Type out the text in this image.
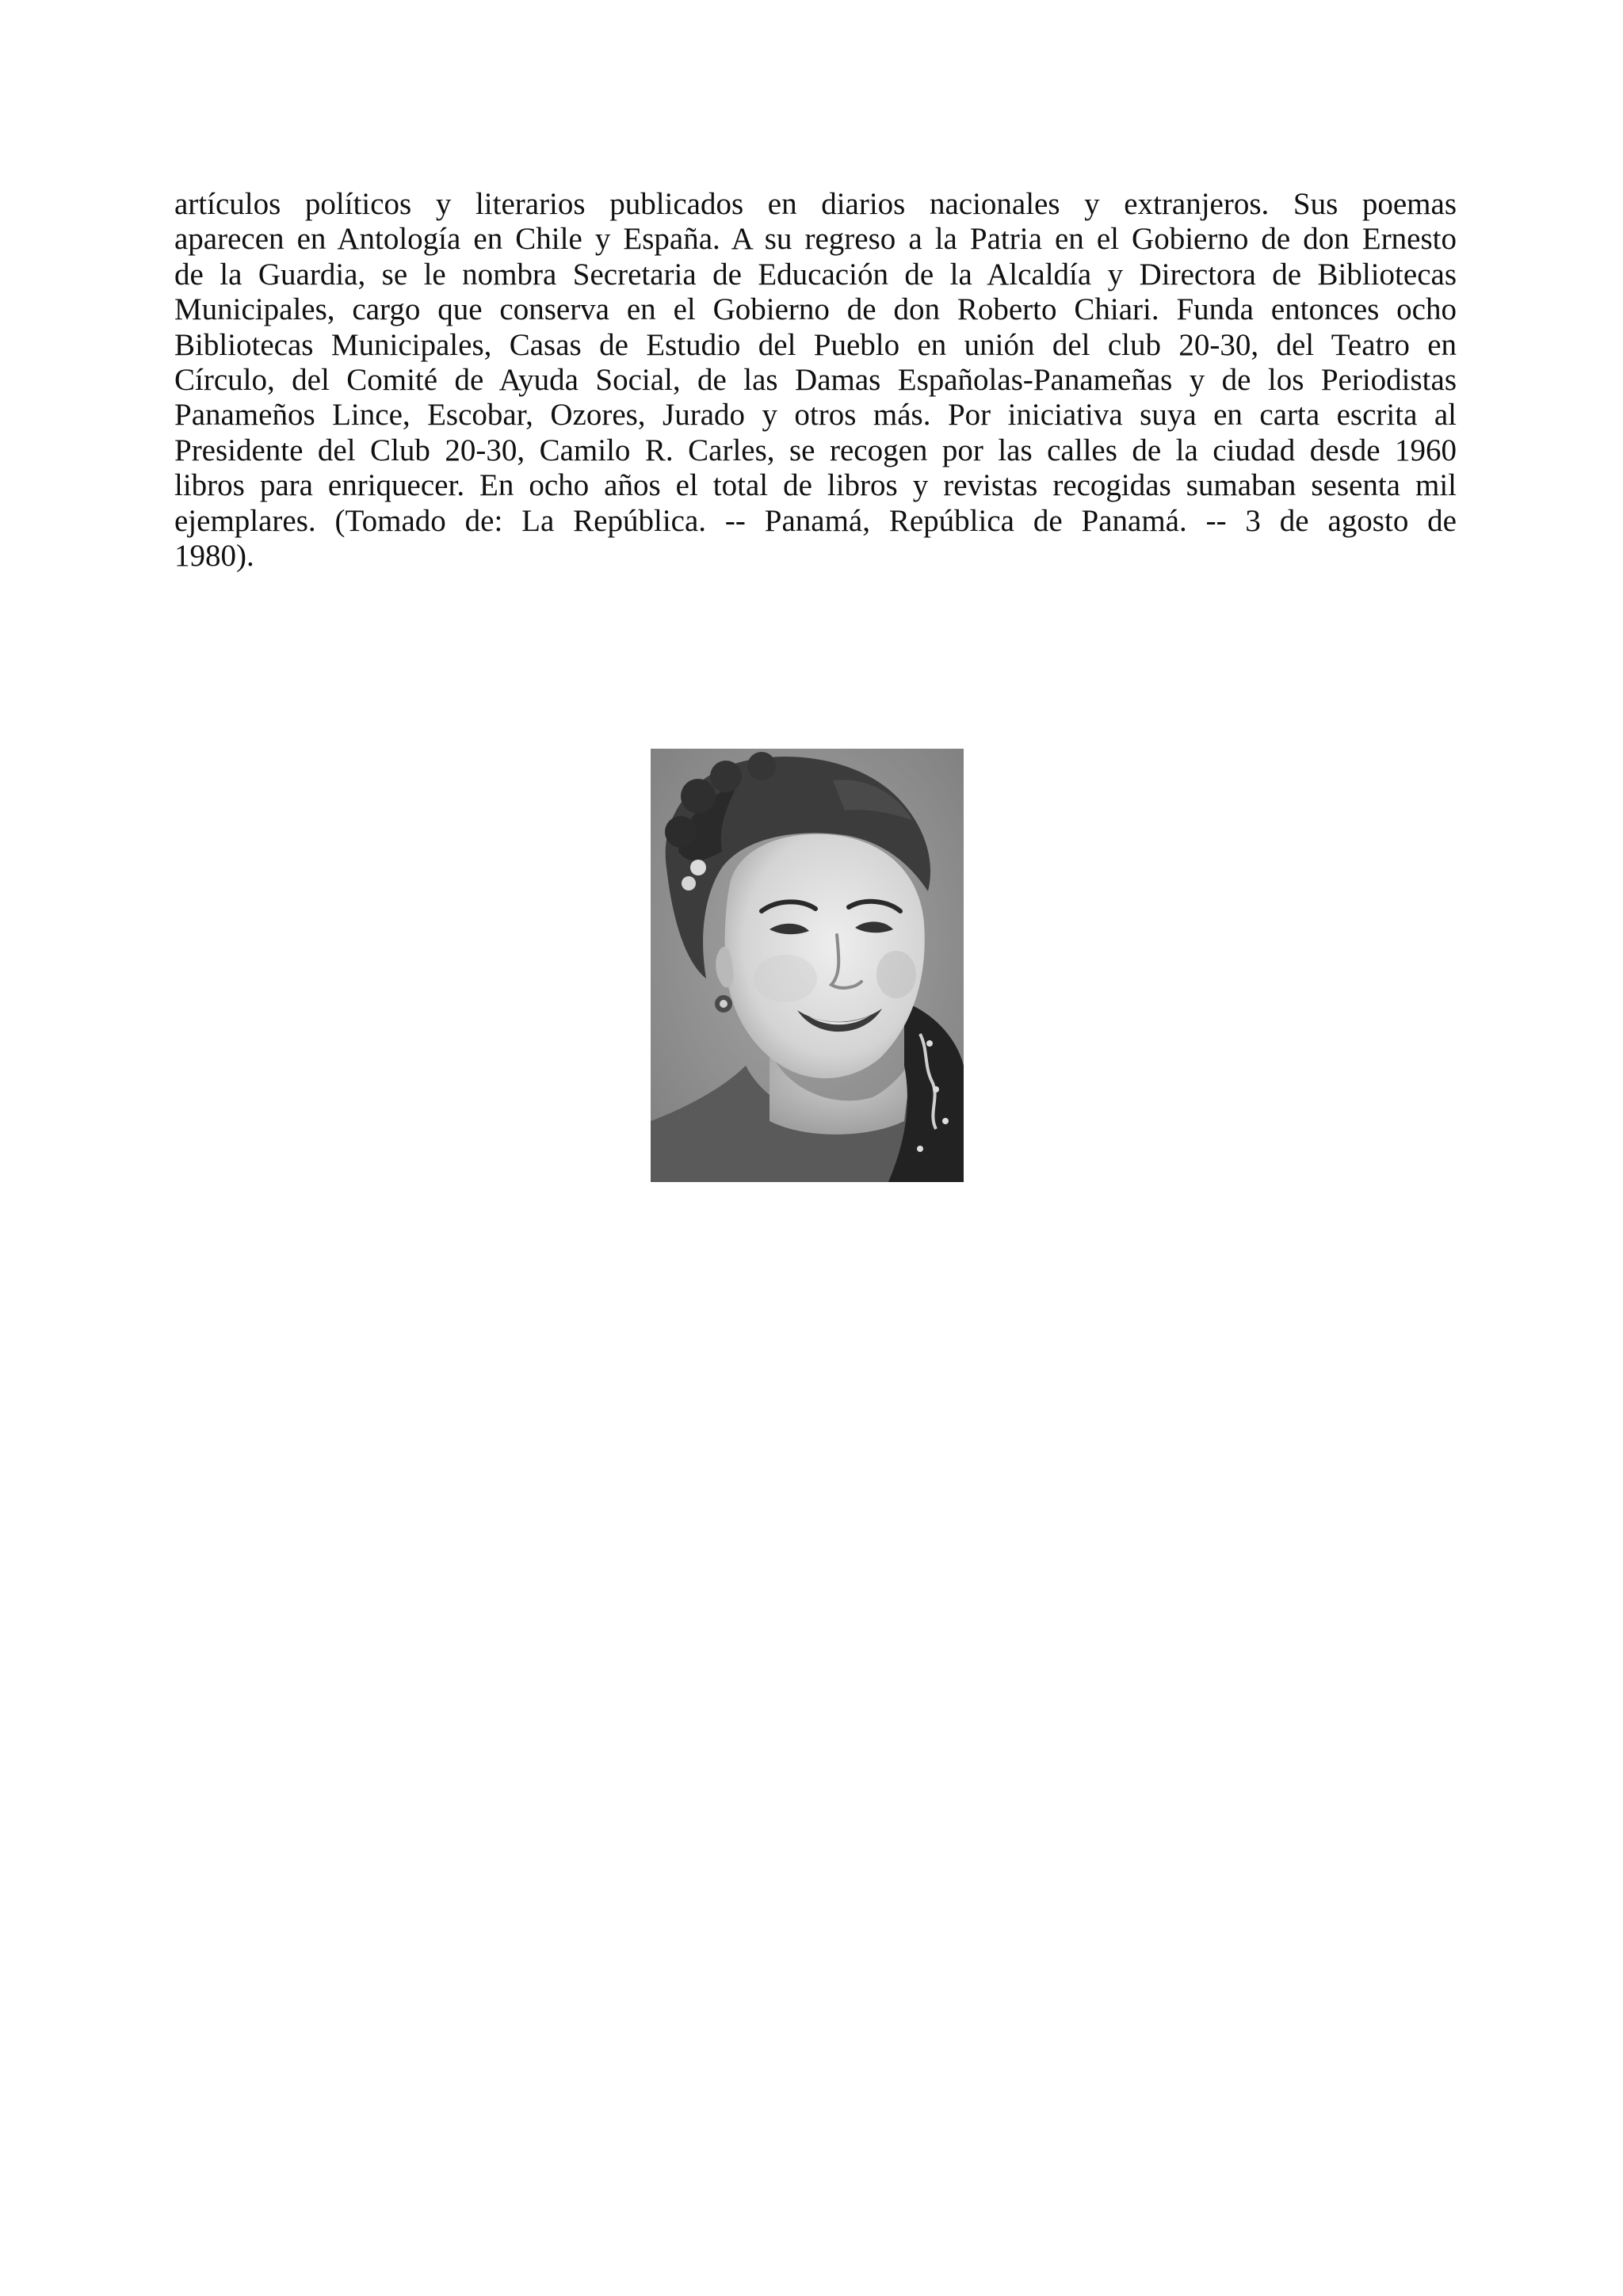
artículos políticos y literarios publicados en diarios nacionales y extranjeros. Sus poemas
aparecen en Antología en Chile y España. A su regreso a la Patria en el Gobierno de don Ernesto
de la Guardia, se le nombra Secretaria de Educación de la Alcaldía y Directora de Bibliotecas
Municipales, cargo que conserva en el Gobierno de don Roberto Chiari. Funda entonces ocho
Bibliotecas Municipales, Casas de Estudio del Pueblo en unión del club 20-30, del Teatro en
Círculo, del Comité de Ayuda Social, de las Damas Españolas-Panameñas y de los Periodistas
Panameños Lince, Escobar, Ozores, Jurado y otros más. Por iniciativa suya en carta escrita al
Presidente del Club 20-30, Camilo R. Carles, se recogen por las calles de la ciudad desde 1960
libros para enriquecer. En ocho años el total de libros y revistas recogidas sumaban sesenta mil
ejemplares. (Tomado de: La República. -- Panamá, República de Panamá. -- 3 de agosto de
1980).
